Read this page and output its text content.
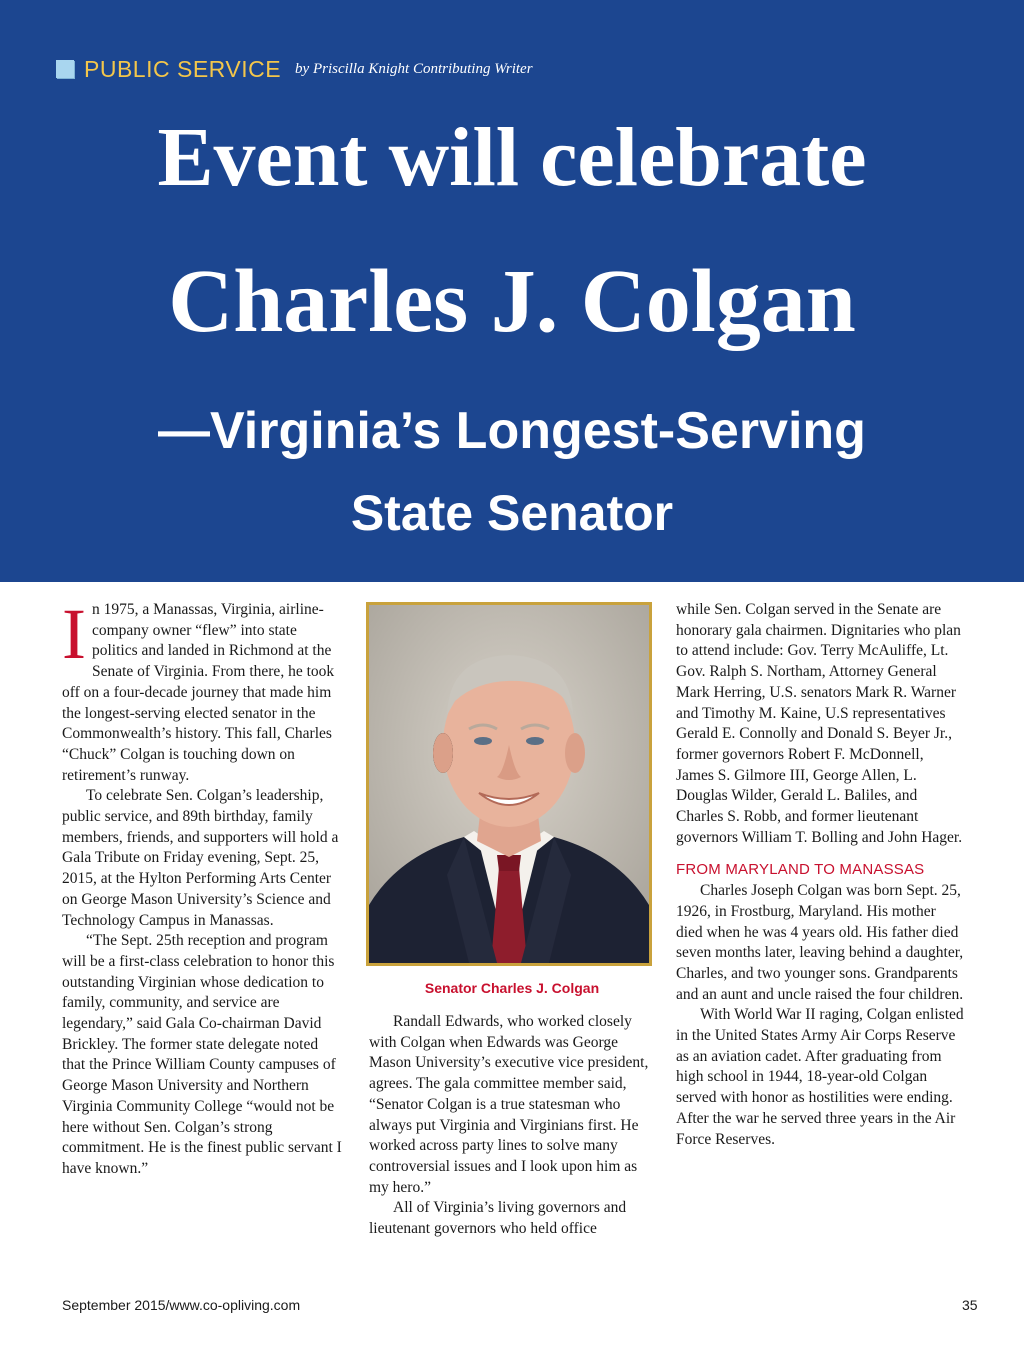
PUBLIC SERVICE by Priscilla Knight Contributing Writer
Event will celebrate
Charles J. Colgan
—Virginia’s Longest-Serving
State Senator

In 1975, a Manassas, Virginia, airline-company owner “flew” into state politics and landed in Richmond at the Senate of Virginia. From there, he took off on a four-decade journey that made him the longest-serving elected senator in the Commonwealth’s history. This fall, Charles “Chuck” Colgan is touching down on retirement’s runway.

To celebrate Sen. Colgan’s leadership, public service, and 89th birthday, family members, friends, and supporters will hold a Gala Tribute on Friday evening, Sept. 25, 2015, at the Hylton Performing Arts Center on George Mason University’s Science and Technology Campus in Manassas.

“The Sept. 25th reception and program will be a first-class celebration to honor this outstanding Virginian whose dedication to family, community, and service are legendary,” said Gala Co-chairman David Brickley. The former state delegate noted that the Prince William County campuses of George Mason University and Northern Virginia Community College “would not be here without Sen. Colgan’s strong commitment. He is the finest public servant I have known.”

Senator Charles J. Colgan

Randall Edwards, who worked closely with Colgan when Edwards was George Mason University’s executive vice president, agrees. The gala committee member said, “Senator Colgan is a true statesman who always put Virginia and Virginians first. He worked across party lines to solve many controversial issues and I look upon him as my hero.”

All of Virginia’s living governors and lieutenant governors who held office

while Sen. Colgan served in the Senate are honorary gala chairmen. Dignitaries who plan to attend include: Gov. Terry McAuliffe, Lt. Gov. Ralph S. Northam, Attorney General Mark Herring, U.S. senators Mark R. Warner and Timothy M. Kaine, U.S representatives Gerald E. Connolly and Donald S. Beyer Jr., former governors Robert F. McDonnell, James S. Gilmore III, George Allen, L. Douglas Wilder, Gerald L. Baliles, and Charles S. Robb, and former lieutenant governors William T. Bolling and John Hager.

FROM MARYLAND TO MANASSAS

Charles Joseph Colgan was born Sept. 25, 1926, in Frostburg, Maryland. His mother died when he was 4 years old. His father died seven months later, leaving behind a daughter, Charles, and two younger sons. Grandparents and an aunt and uncle raised the four children.

With World War II raging, Colgan enlisted in the United States Army Air Corps Reserve as an aviation cadet. After graduating from high school in 1944, 18-year-old Colgan served with honor as hostilities were ending. After the war he served three years in the Air Force Reserves.

September 2015/www.co-opliving.com	35
